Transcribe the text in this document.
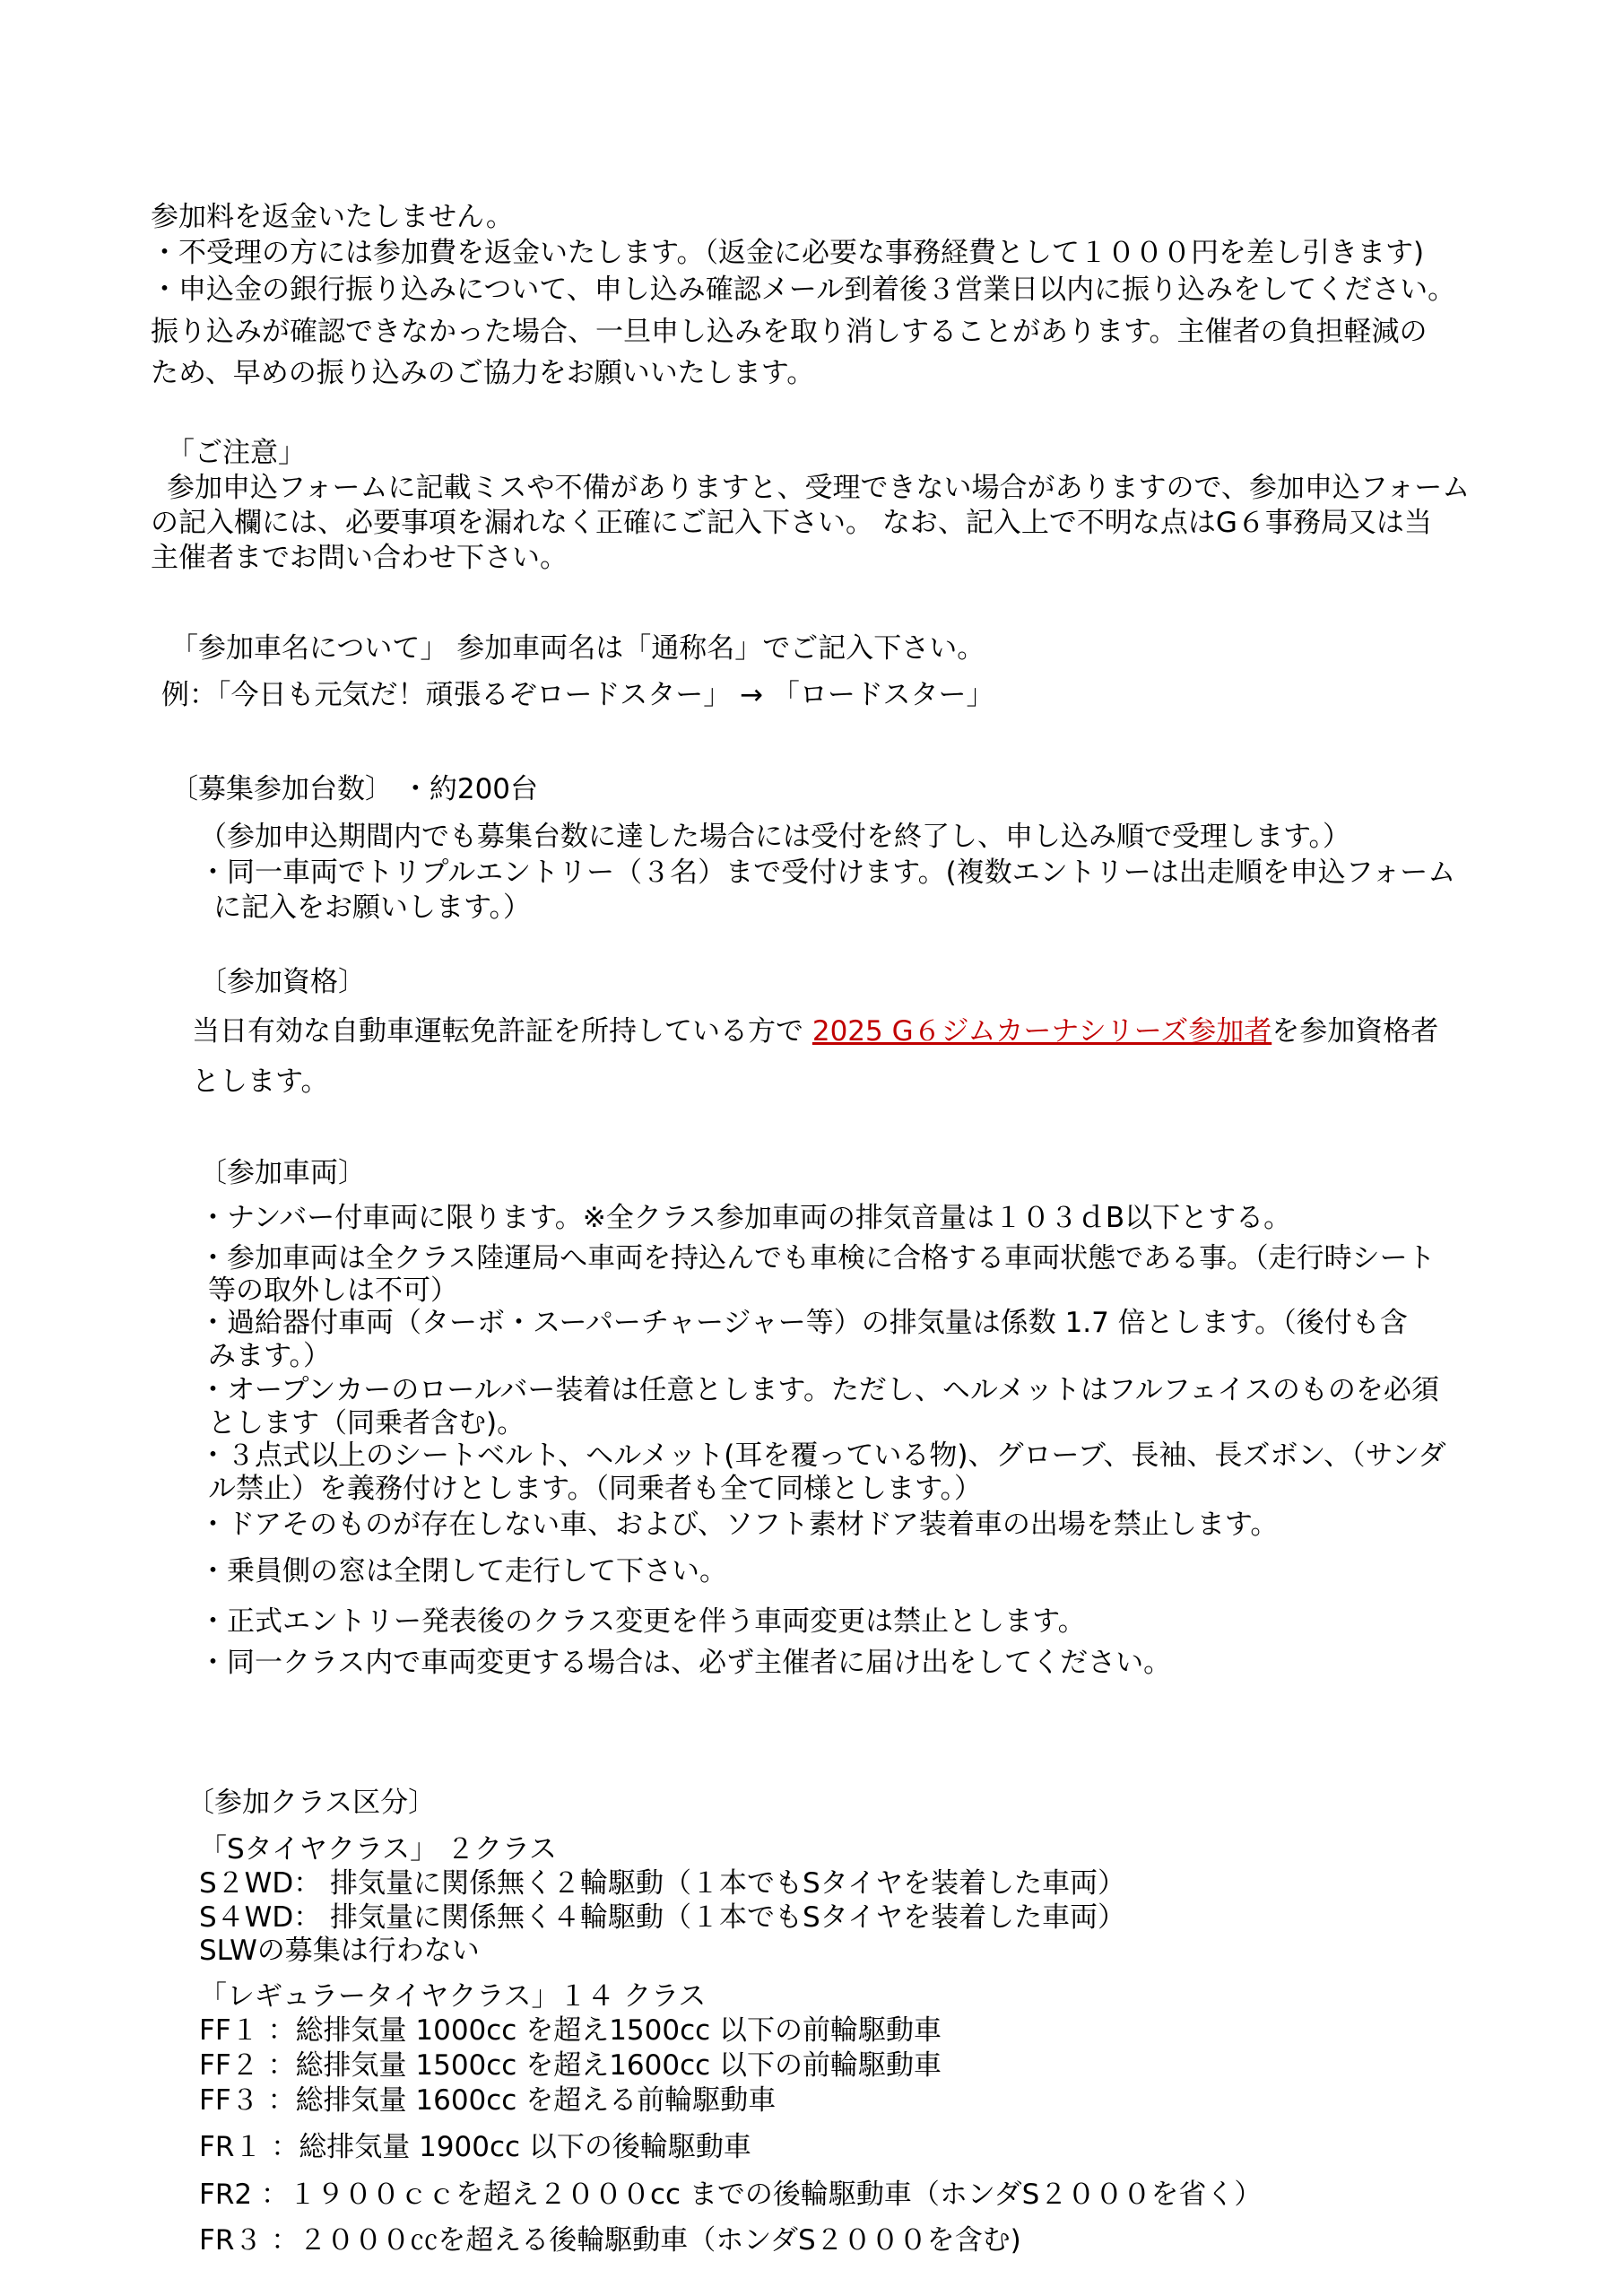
参加料を返金いたしません。
・不受理の方には参加費を返金いたします。（返金に必要な事務経費として１０００円を差し引きます)
・申込金の銀行振り込みについて、申し込み確認メール到着後３営業日以内に振り込みをしてください。
振り込みが確認できなかった場合、一旦申し込みを取り消しすることがあります。主催者の負担軽減の
ため、早めの振り込みのご協力をお願いいたします。
「ご注意」
参加申込フォームに記載ミスや不備がありますと、受理できない場合がありますので、参加申込フォーム
の記入欄には、必要事項を漏れなく正確にご記入下さい。 なお、記入上で不明な点はG６事務局又は当
主催者までお問い合わせ下さい。
「参加車名について」 参加車両名は「通称名」でご記入下さい。
例：「今日も元気だ！頑張るぞロードスター」 → 「ロードスター」
〔募集参加台数〕 ・約200台
（参加申込期間内でも募集台数に達した場合には受付を終了し、申し込み順で受理します。）
・同一車両でトリプルエントリー（３名）まで受付けます。(複数エントリーは出走順を申込フォーム
に記入をお願いします。）
〔参加資格〕
当日有効な自動車運転免許証を所持している方で 2025 G６ジムカーナシリーズ参加者を参加資格者
とします。
〔参加車両〕
・ナンバー付車両に限ります。※全クラス参加車両の排気音量は１０３ｄB以下とする。
・参加車両は全クラス陸運局へ車両を持込んでも車検に合格する車両状態である事。（走行時シート
等の取外しは不可）
・過給器付車両（ターボ・スーパーチャージャー等）の排気量は係数 1.7 倍とします。（後付も含
みます。）
・オープンカーのロールバー装着は任意とします。ただし、ヘルメットはフルフェイスのものを必須
とします（同乗者含む)。
・３点式以上のシートベルト、ヘルメット(耳を覆っている物)、グローブ、長袖、長ズボン、（サンダ
ル禁止）を義務付けとします。（同乗者も全て同様とします。）
・ドアそのものが存在しない車、および、ソフト素材ドア装着車の出場を禁止します。
・乗員側の窓は全閉して走行して下さい。
・正式エントリー発表後のクラス変更を伴う車両変更は禁止とします。
・同一クラス内で車両変更する場合は、必ず主催者に届け出をしてください。
〔参加クラス区分〕
「Sタイヤクラス」 ２クラス
S２WD： 排気量に関係無く２輪駆動（１本でもSタイヤを装着した車両）
S４WD： 排気量に関係無く４輪駆動（１本でもSタイヤを装着した車両）
SLWの募集は行わない
「レギュラータイヤクラス」１４ クラス
FF１ ：総排気量 1000cc を超え1500cc 以下の前輪駆動車
FF２ ：総排気量 1500cc を超え1600cc 以下の前輪駆動車
FF３ ：総排気量 1600cc を超える前輪駆動車
FR１ ：総排気量 1900cc 以下の後輪駆動車
FR2 ：１９００ｃｃを超え２０００cc までの後輪駆動車（ホンダS２０００を省く）
FR３ ：２０００㏄を超える後輪駆動車（ホンダS２０００を含む)
